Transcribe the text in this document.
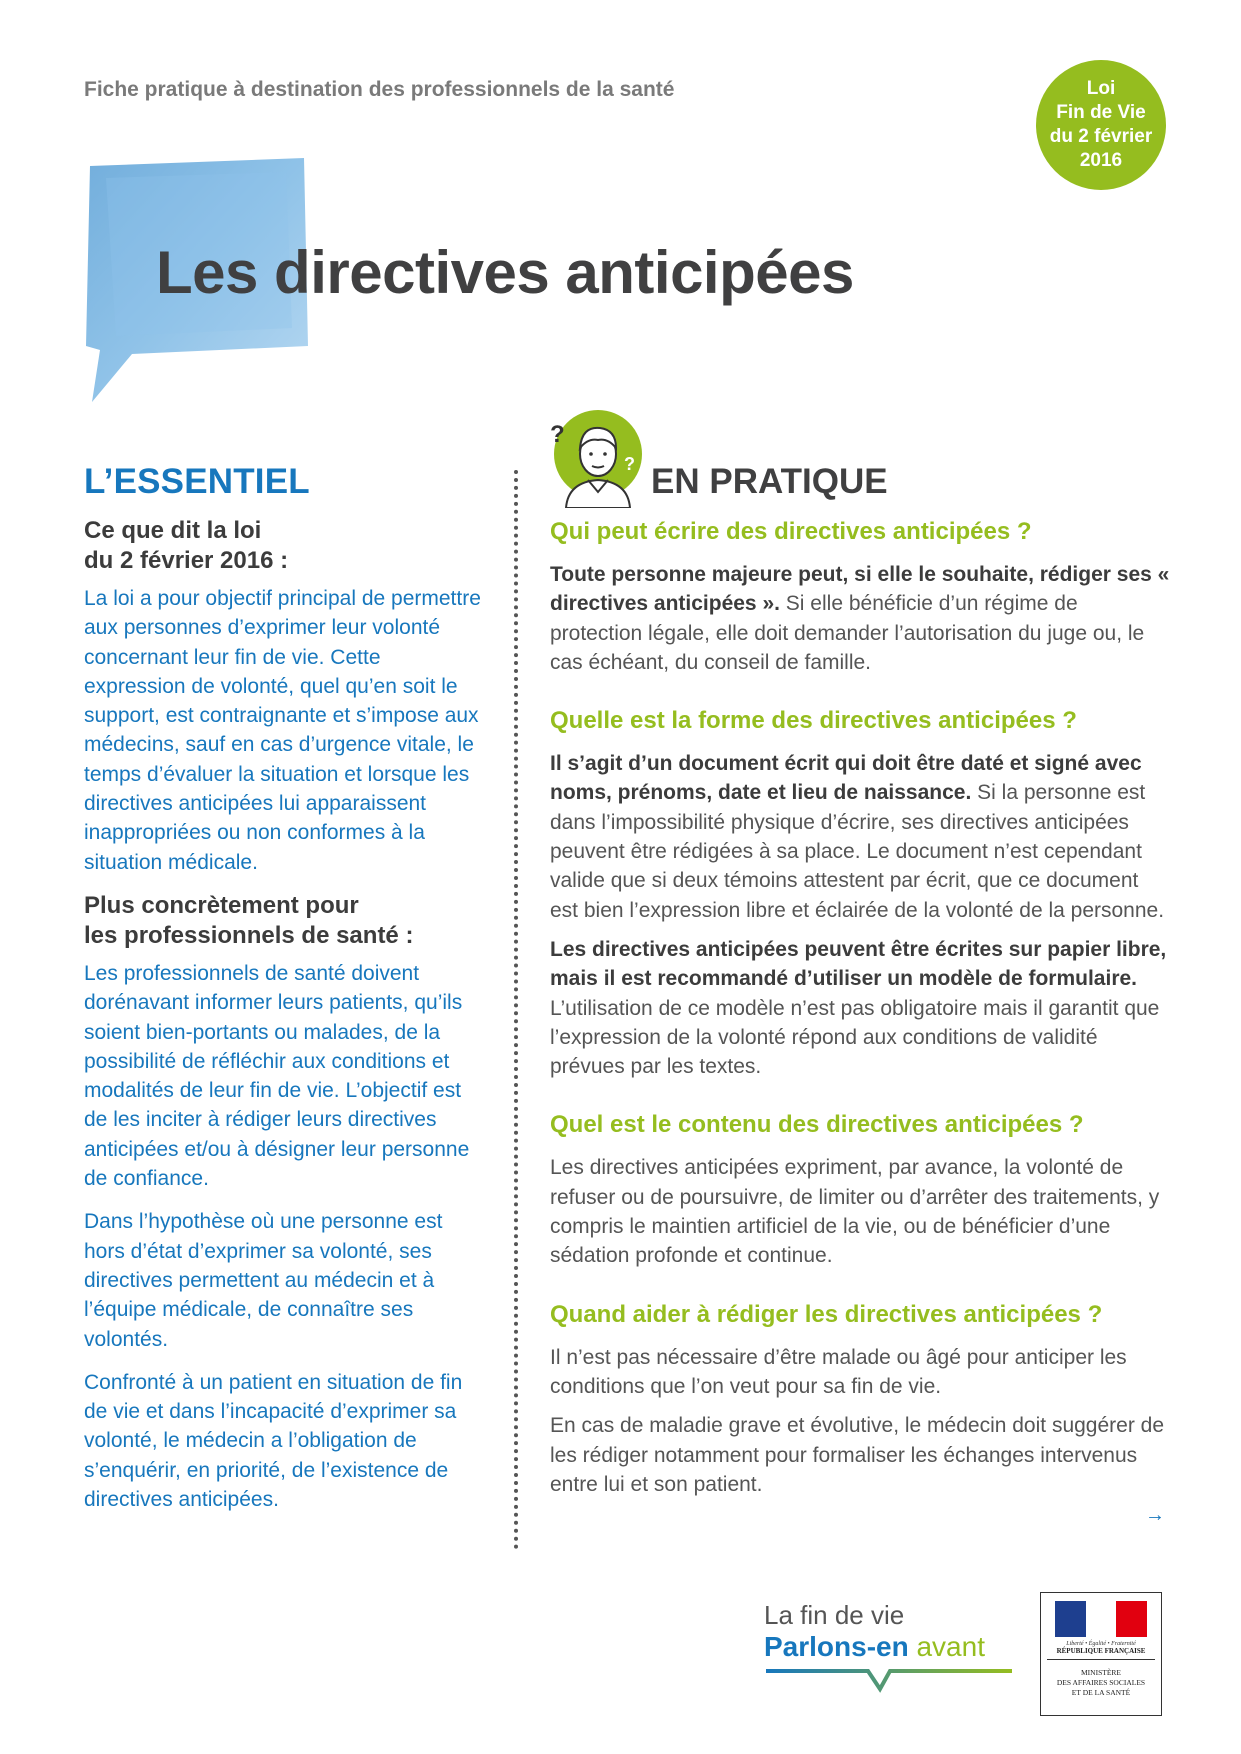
Fiche pratique à destination des professionnels de la santé	Loi
Fin de Vie
du 2 février
2016
Les directives anticipées
L’ESSENTIEL
Ce que dit la loi
du 2 février 2016 :

La loi a pour objectif principal de permettre aux personnes d’exprimer leur volonté concernant leur fin de vie. Cette expression de volonté, quel qu’en soit le support, est contraignante et s’impose aux médecins, sauf en cas d’urgence vitale, le temps d’évaluer la situation et lorsque les directives anticipées lui apparaissent inappropriées ou non conformes à la situation médicale.

Plus concrètement pour
les professionnels de santé :

Les professionnels de santé doivent dorénavant informer leurs patients, qu’ils soient bien-portants ou malades, de la possibilité de réfléchir aux conditions et modalités de leur fin de vie. L’objectif est de les inciter à rédiger leurs directives anticipées et/ou à désigner leur personne de confiance.

Dans l’hypothèse où une personne est hors d’état d’exprimer sa volonté, ses directives permettent au médecin et à l’équipe médicale, de connaître ses volontés.

Confronté à un patient en situation de fin de vie et dans l’incapacité d’exprimer sa volonté, le médecin a l’obligation de s’enquérir, en priorité, de l’existence de directives anticipées.

?
? EN PRATIQUE
Qui peut écrire des directives anticipées ?

Toute personne majeure peut, si elle le souhaite, rédiger ses « directives anticipées ». Si elle bénéficie d’un régime de protection légale, elle doit demander l’autorisation du juge ou, le cas échéant, du conseil de famille.

Quelle est la forme des directives anticipées ?

Il s’agit d’un document écrit qui doit être daté et signé avec noms, prénoms, date et lieu de naissance. Si la personne est dans l’impossibilité physique d’écrire, ses directives anticipées peuvent être rédigées à sa place. Le document n’est cependant valide que si deux témoins attestent par écrit, que ce document est bien l’expression libre et éclairée de la volonté de la personne.

Les directives anticipées peuvent être écrites sur papier libre, mais il est recommandé d’utiliser un modèle de formulaire. L’utilisation de ce modèle n’est pas obligatoire mais il garantit que l’expression de la volonté répond aux conditions de validité prévues par les textes.

Quel est le contenu des directives anticipées ?

Les directives anticipées expriment, par avance, la volonté de refuser ou de poursuivre, de limiter ou d’arrêter des traitements, y compris le maintien artificiel de la vie, ou de bénéficier d’une sédation profonde et continue.

Quand aider à rédiger les directives anticipées ?

Il n’est pas nécessaire d’être malade ou âgé pour anticiper les conditions que l’on veut pour sa fin de vie.

En cas de maladie grave et évolutive, le médecin doit suggérer de les rédiger notamment pour formaliser les échanges intervenus entre lui et son patient.

→
La fin de vie
Parlons-en avant	Liberté • Égalité • Fraternité
RÉPUBLIQUE FRANÇAISE
MINISTÈRE
DES AFFAIRES SOCIALES
ET DE LA SANTÉ
